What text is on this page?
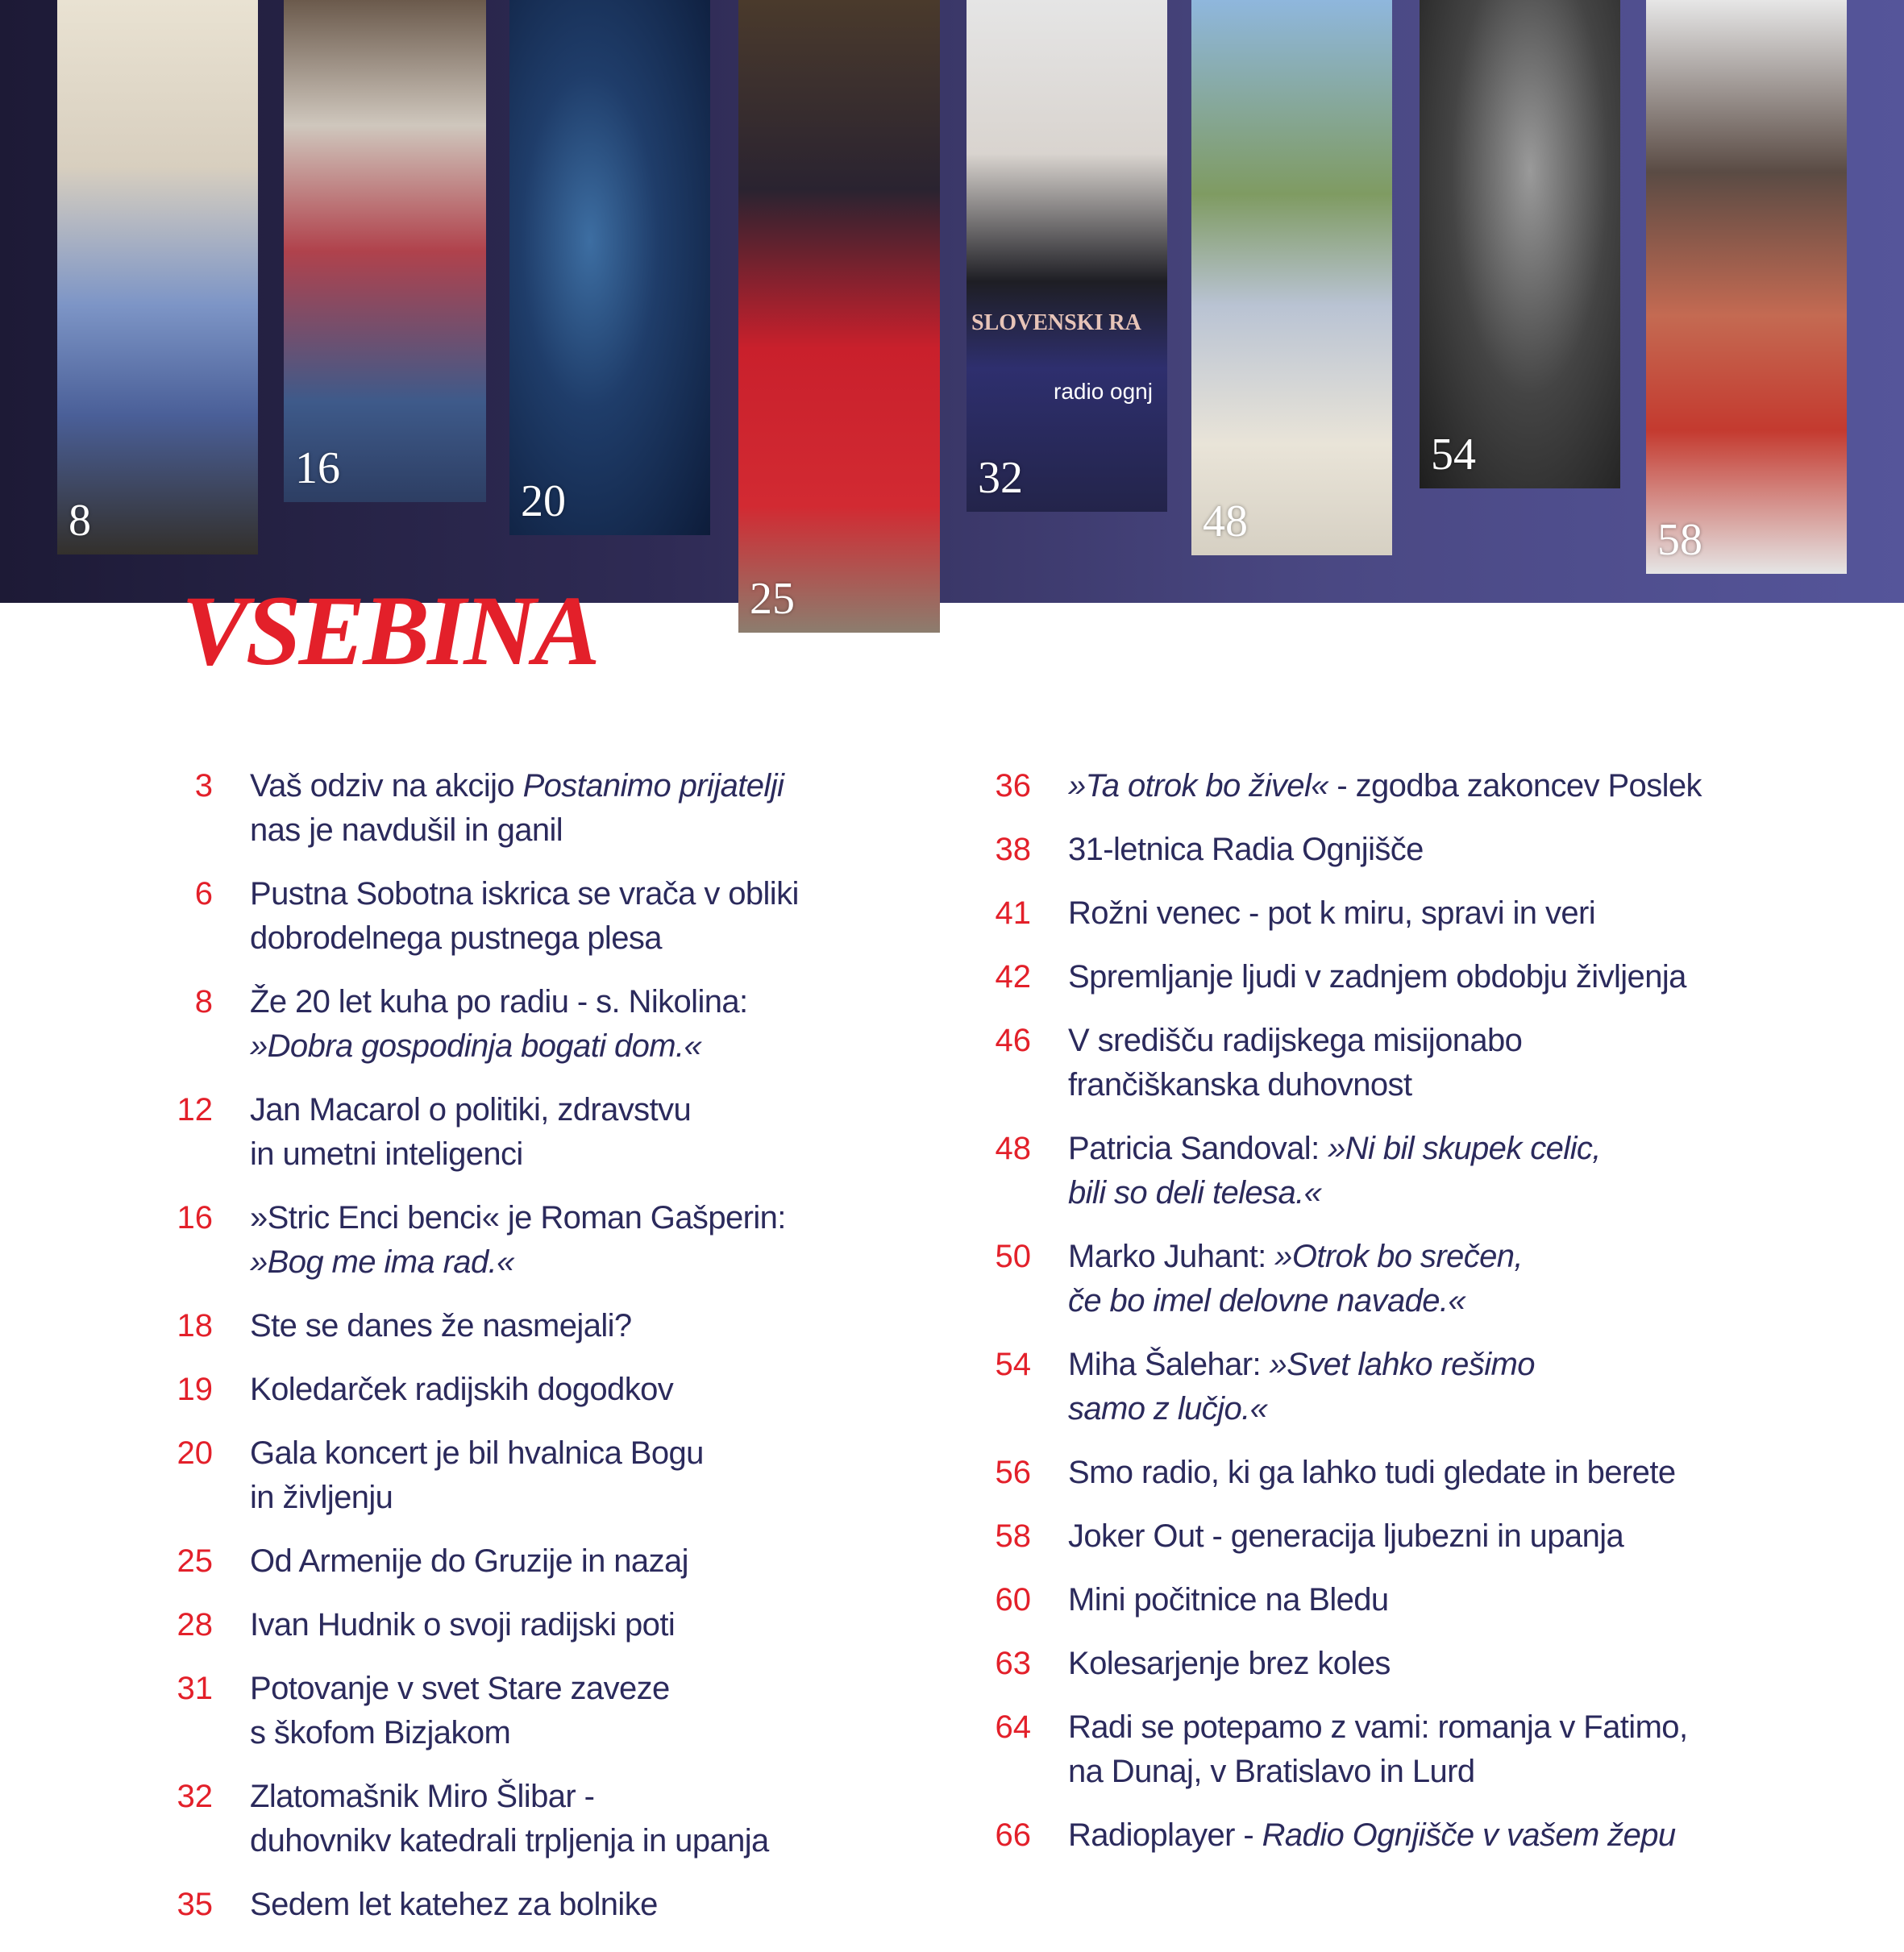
8
16
20
25
SLOVENSKI RA
radio ognj
32
48
54
58
VSEBINA
3 Vaš odziv na akcijo Postanimo prijatelji
nas je navdušil in ganil
6 Pustna Sobotna iskrica se vrača v obliki
dobrodelnega pustnega plesa
8 Že 20 let kuha po radiu - s. Nikolina:
»Dobra gospodinja bogati dom.«
12 Jan Macarol o politiki, zdravstvu
in umetni inteligenci
16 »Stric Enci benci« je Roman Gašperin:
»Bog me ima rad.«
18 Ste se danes že nasmejali?
19 Koledarček radijskih dogodkov
20 Gala koncert je bil hvalnica Bogu
in življenju
25 Od Armenije do Gruzije in nazaj
28 Ivan Hudnik o svoji radijski poti
31 Potovanje v svet Stare zaveze
s škofom Bizjakom
32 Zlatomašnik Miro Šlibar -
duhovnikv katedrali trpljenja in upanja
35 Sedem let katehez za bolnike
36 »Ta otrok bo živel« - zgodba zakoncev Poslek
38 31-letnica Radia Ognjišče
41 Rožni venec - pot k miru, spravi in veri
42 Spremljanje ljudi v zadnjem obdobju življenja
46 V središču radijskega misijonabo
frančiškanska duhovnost
48 Patricia Sandoval: »Ni bil skupek celic,
bili so deli telesa.«
50 Marko Juhant: »Otrok bo srečen,
če bo imel delovne navade.«
54 Miha Šalehar: »Svet lahko rešimo
samo z lučjo.«
56 Smo radio, ki ga lahko tudi gledate in berete
58 Joker Out - generacija ljubezni in upanja
60 Mini počitnice na Bledu
63 Kolesarjenje brez koles
64 Radi se potepamo z vami: romanja v Fatimo,
na Dunaj, v Bratislavo in Lurd
66 Radioplayer - Radio Ognjišče v vašem žepu
